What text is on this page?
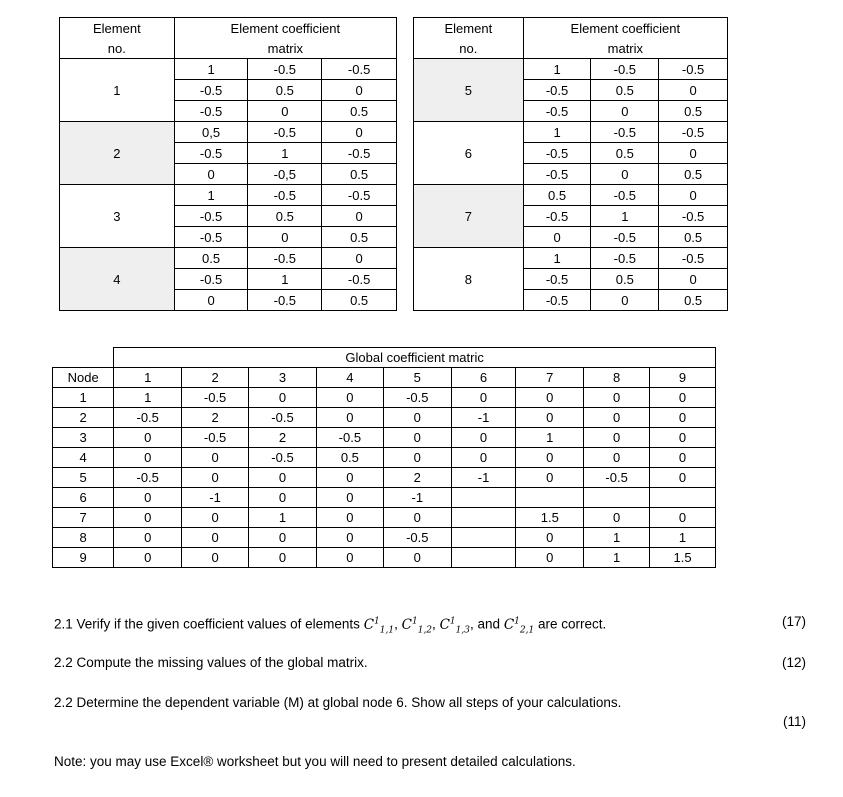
Element	Element coefficient		
no.	matrix		
1	1	-0.5	-0.5
	-0.5	0.5	0
	-0.5	0	0.5
2	0,5	-0.5	0
	-0.5	1	-0.5
	0	-0,5	0.5
3	1	-0.5	-0.5
	-0.5	0.5	0
	-0.5	0	0.5
4	0.5	-0.5	0
	-0.5	1	-0.5
	0	-0.5	0.5
Element	Element coefficient		
no.	matrix		
5	1	-0.5	-0.5
	-0.5	0.5	0
	-0.5	0	0.5
6	1	-0.5	-0.5
	-0.5	0.5	0
	-0.5	0	0.5
7	0.5	-0.5	0
	-0.5	1	-0.5
	0	-0.5	0.5
8	1	-0.5	-0.5
	-0.5	0.5	0
	-0.5	0	0.5
	Global coefficient matric								
Node	1	2	3	4	5	6	7	8	9
1	1	-0.5	0	0	-0.5	0	0	0	0
2	-0.5	2	-0.5	0	0	-1	0	0	0
3	0	-0.5	2	-0.5	0	0	1	0	0
4	0	0	-0.5	0.5	0	0	0	0	0
5	-0.5	0	0	0	2	-1	0	-0.5	0
6	0	-1	0	0	-1				
7	0	0	1	0	0		1.5	0	0
8	0	0	0	0	-0.5		0	1	1
9	0	0	0	0	0		0	1	1.5
2.1 Verify if the given coefficient values of elements $C^1_{1,1}$, $C^1_{1,2}$, $C^1_{1,3}$, and $C^1_{2,1}$ are correct.	(17)
2.2 Compute the missing values of the global matrix.	(12)
2.2 Determine the dependent variable (M) at global node 6. Show all steps of your calculations.
(11)
Note: you may use Excel® worksheet but you will need to present detailed calculations.
